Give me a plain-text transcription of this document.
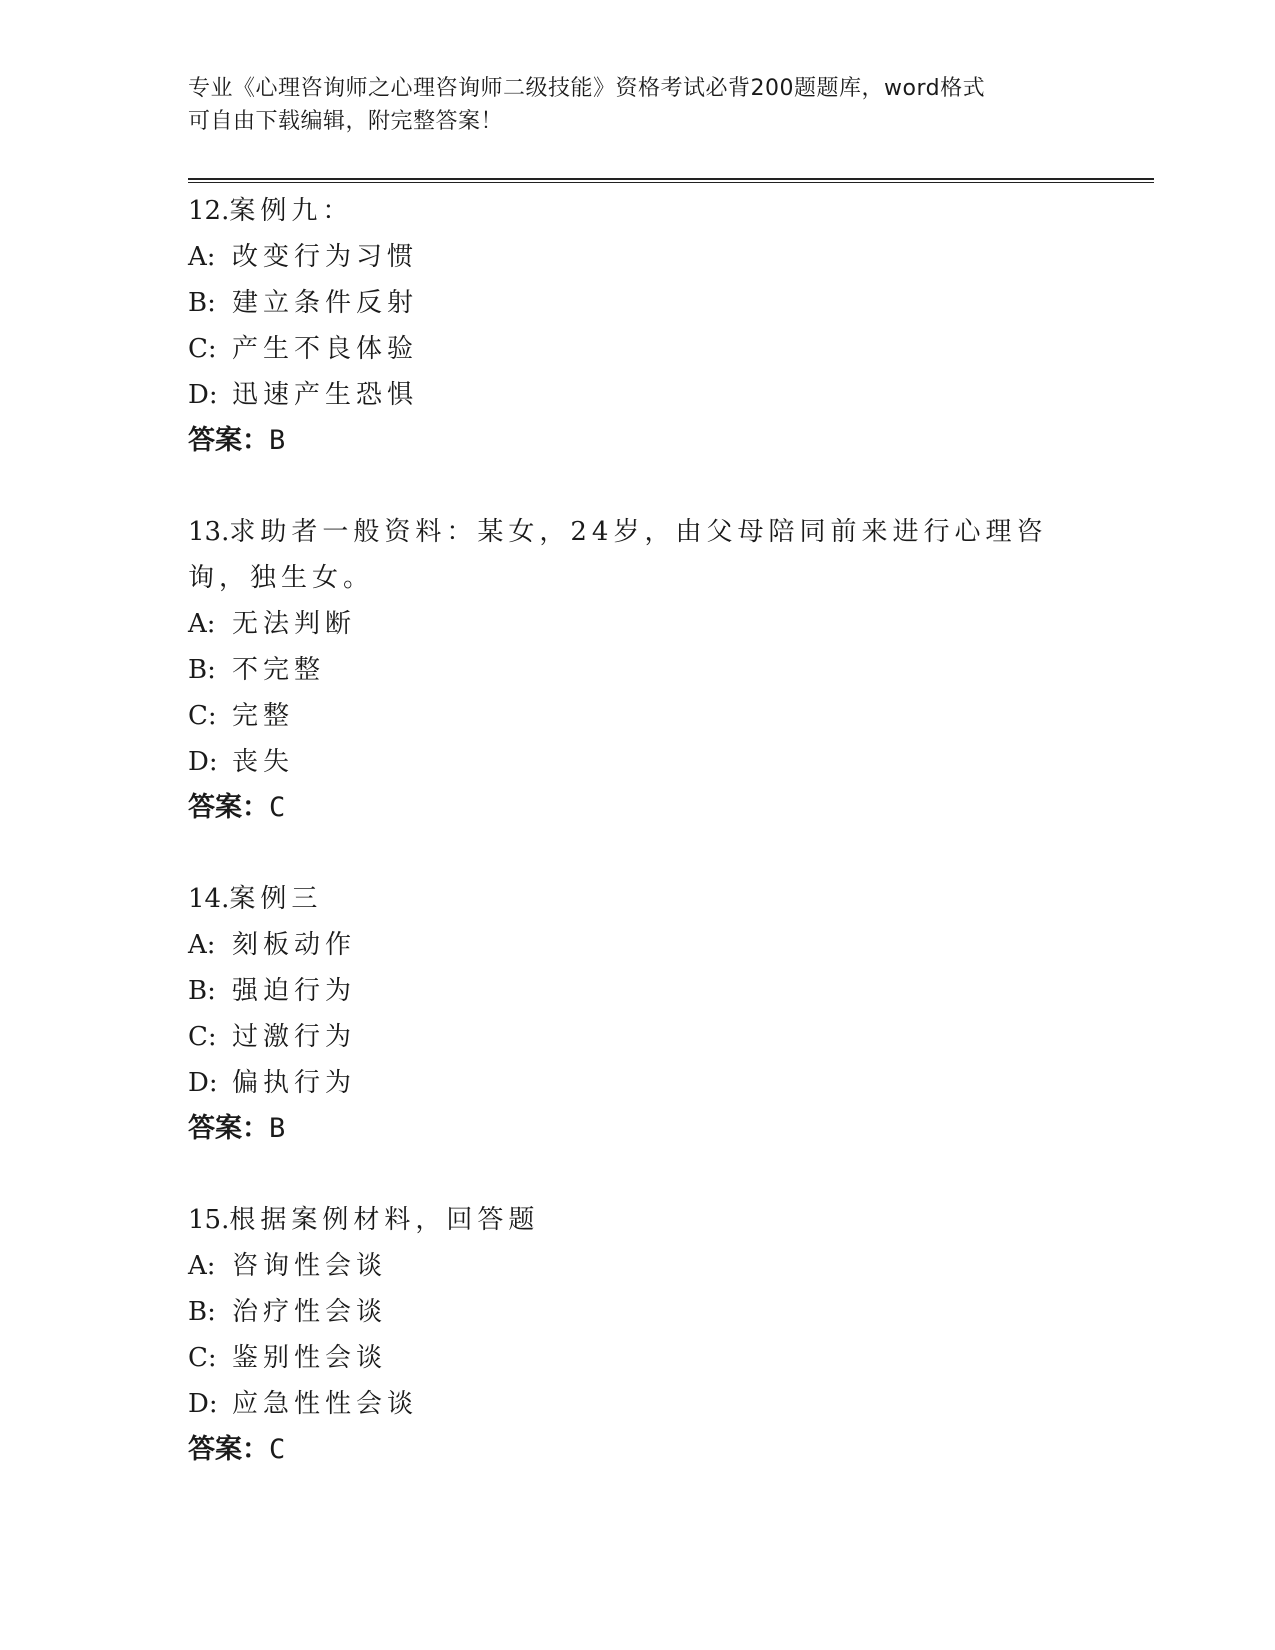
专业《心理咨询师之心理咨询师二级技能》资格考试必背200题题库，word格式
可自由下载编辑，附完整答案！

12.案例九：

A: 改变行为习惯

B: 建立条件反射

C: 产生不良体验

D: 迅速产生恐惧

答案：B

13.求助者一般资料：某女，24岁，由父母陪同前来进行心理咨询，独生女。

A: 无法判断

B: 不完整

C: 完整

D: 丧失

答案：C

14.案例三

A: 刻板动作

B: 强迫行为

C: 过激行为

D: 偏执行为

答案：B

15.根据案例材料，回答题

A: 咨询性会谈

B: 治疗性会谈

C: 鉴别性会谈

D: 应急性性会谈

答案：C
